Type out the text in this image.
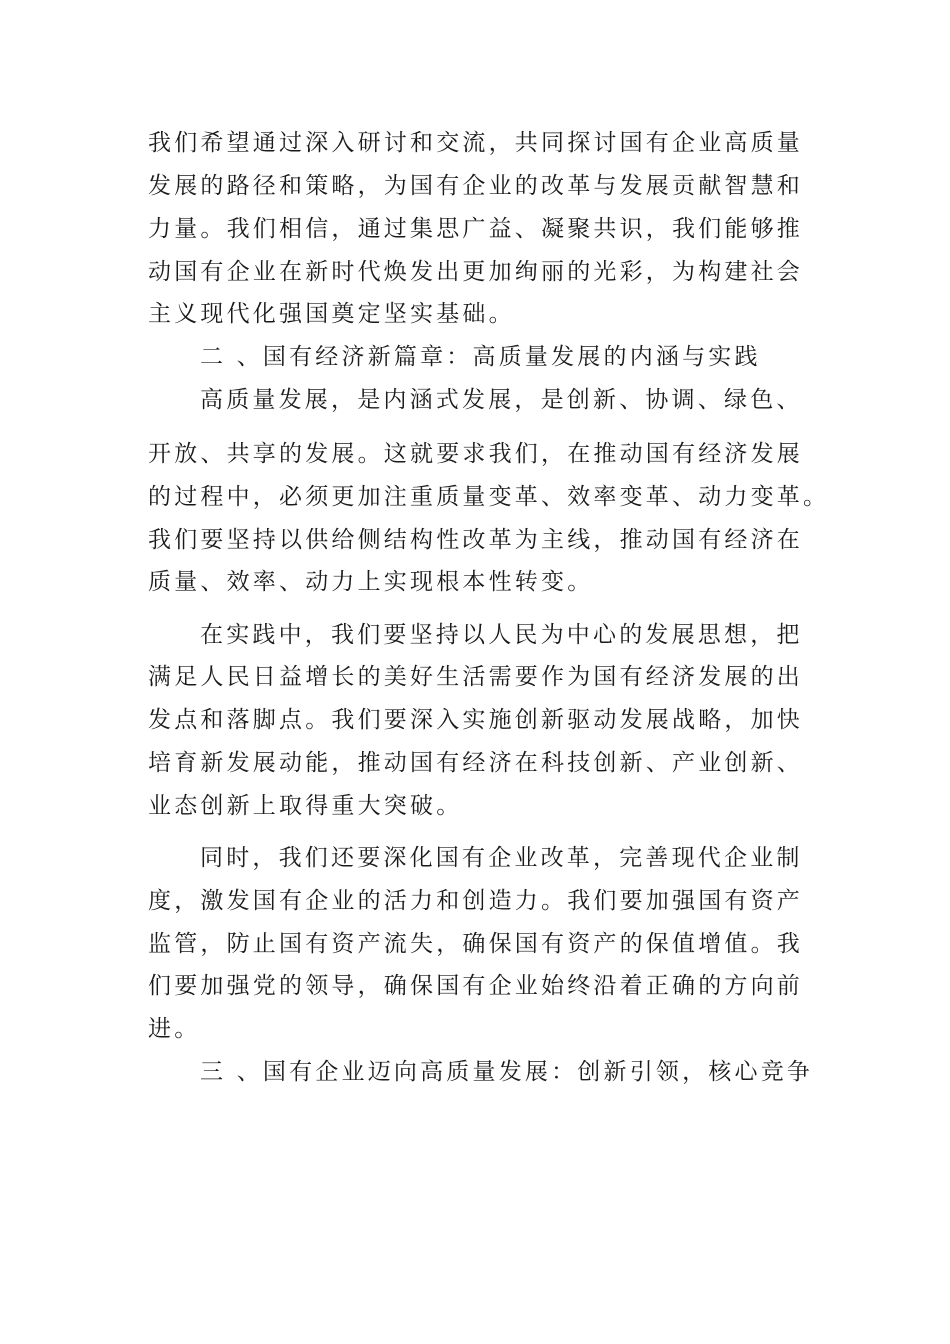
我们希望通过深入研讨和交流，共同探讨国有企业高质量
发展的路径和策略，为国有企业的改革与发展贡献智慧和
力量。我们相信，通过集思广益、凝聚共识，我们能够推
动国有企业在新时代焕发出更加绚丽的光彩，为构建社会
主义现代化强国奠定坚实基础。
二 、国有经济新篇章：高质量发展的内涵与实践
高质量发展，是内涵式发展，是创新、协调、绿色、
开放、共享的发展。这就要求我们，在推动国有经济发展
的过程中，必须更加注重质量变革、效率变革、动力变革。
我们要坚持以供给侧结构性改革为主线，推动国有经济在
质量、效率、动力上实现根本性转变。
在实践中，我们要坚持以人民为中心的发展思想，把
满足人民日益增长的美好生活需要作为国有经济发展的出
发点和落脚点。我们要深入实施创新驱动发展战略，加快
培育新发展动能，推动国有经济在科技创新、产业创新、
业态创新上取得重大突破。
同时，我们还要深化国有企业改革，完善现代企业制
度，激发国有企业的活力和创造力。我们要加强国有资产
监管，防止国有资产流失，确保国有资产的保值增值。我
们要加强党的领导，确保国有企业始终沿着正确的方向前
进。
三 、国有企业迈向高质量发展：创新引领，核心竞争
